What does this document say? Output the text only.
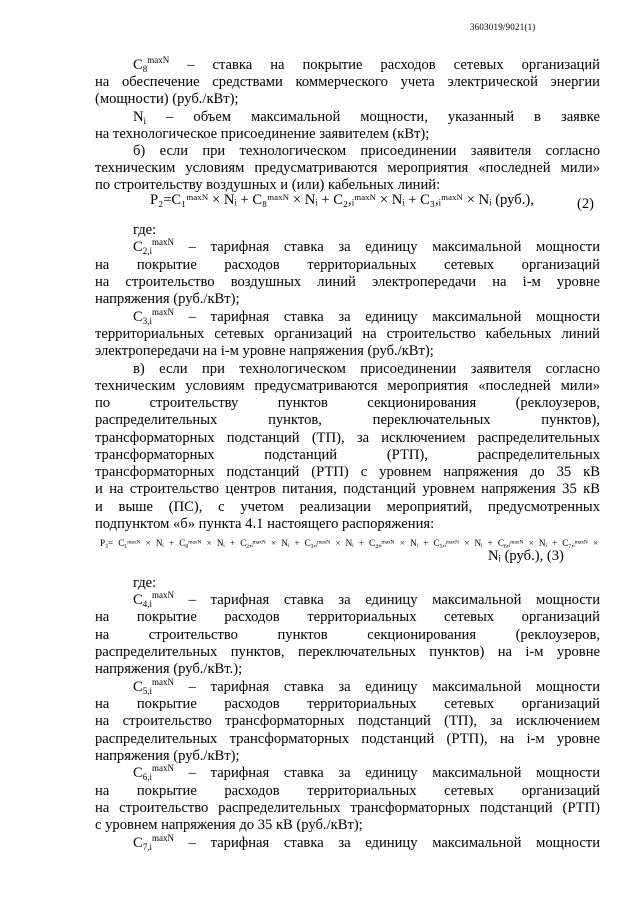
3603019/9021(1)
$C_8^{maxN}$ – ставка на покрытие расходов сетевых организаций
на обеспечение средствами коммерческого учета электрической энергии
(мощности) (руб./кВт);
$N_i$ – объем максимальной мощности, указанный в заявке
на технологическое присоединение заявителем (кВт);
б) если при технологическом присоединении заявителя согласно
техническим условиям предусматриваются мероприятия «последней мили»
по строительству воздушных и (или) кабельных линий:
P₂=C₁ᵐᵃˣᴺ × Nᵢ + C₈ᵐᵃˣᴺ × Nᵢ + C₂,ᵢᵐᵃˣᴺ × Nᵢ + C₃,ᵢᵐᵃˣᴺ × Nᵢ (руб.),	(2)
где:
$C_{2,i}^{maxN}$ – тарифная ставка за единицу максимальной мощности
на покрытие расходов территориальных сетевых организаций
на строительство воздушных линий электропередачи на i-м уровне
напряжения (руб./кВт);
$C_{3,i}^{maxN}$ – тарифная ставка за единицу максимальной мощности
территориальных сетевых организаций на строительство кабельных линий
электропередачи на i-м уровне напряжения (руб./кВт);
в) если при технологическом присоединении заявителя согласно
техническим условиям предусматриваются мероприятия «последней мили»
по строительству пунктов секционирования (реклоузеров,
распределительных пунктов, переключательных пунктов),
трансформаторных подстанций (ТП), за исключением распределительных
трансформаторных подстанций (РТП), распределительных
трансформаторных подстанций (РТП) с уровнем напряжения до 35 кВ
и на строительство центров питания, подстанций уровнем напряжения 35 кВ
и выше (ПС), с учетом реализации мероприятий, предусмотренных
подпунктом «б» пункта 4.1 настоящего распоряжения:
P₃= C₁ᵐᵃˣᴺ × Nᵢ + C₈ᵐᵃˣᴺ × Nᵢ + C₂,ᵢᵐᵃˣᴺ × Nᵢ + C₃,ᵢᵐᵃˣᴺ × Nᵢ + C₄,ᵢᵐᵃˣᴺ × Nᵢ + C₅,ᵢᵐᵃˣᴺ × Nᵢ + C₆,ᵢᵐᵃˣᴺ × Nᵢ + C₇,ᵢᵐᵃˣᴺ ×
Nᵢ (руб.), (3)
где:
$C_{4,i}^{maxN}$ – тарифная ставка за единицу максимальной мощности
на покрытие расходов территориальных сетевых организаций
на строительство пунктов секционирования (реклоузеров,
распределительных пунктов, переключательных пунктов) на i-м уровне
напряжения (руб./кВт.);
$C_{5,i}^{maxN}$ – тарифная ставка за единицу максимальной мощности
на покрытие расходов территориальных сетевых организаций
на строительство трансформаторных подстанций (ТП), за исключением
распределительных трансформаторных подстанций (РТП), на i-м уровне
напряжения (руб./кВт);
$C_{6,i}^{maxN}$ – тарифная ставка за единицу максимальной мощности
на покрытие расходов территориальных сетевых организаций
на строительство распределительных трансформаторных подстанций (РТП)
с уровнем напряжения до 35 кВ (руб./кВт);
$C_{7,i}^{maxN}$ – тарифная ставка за единицу максимальной мощности
